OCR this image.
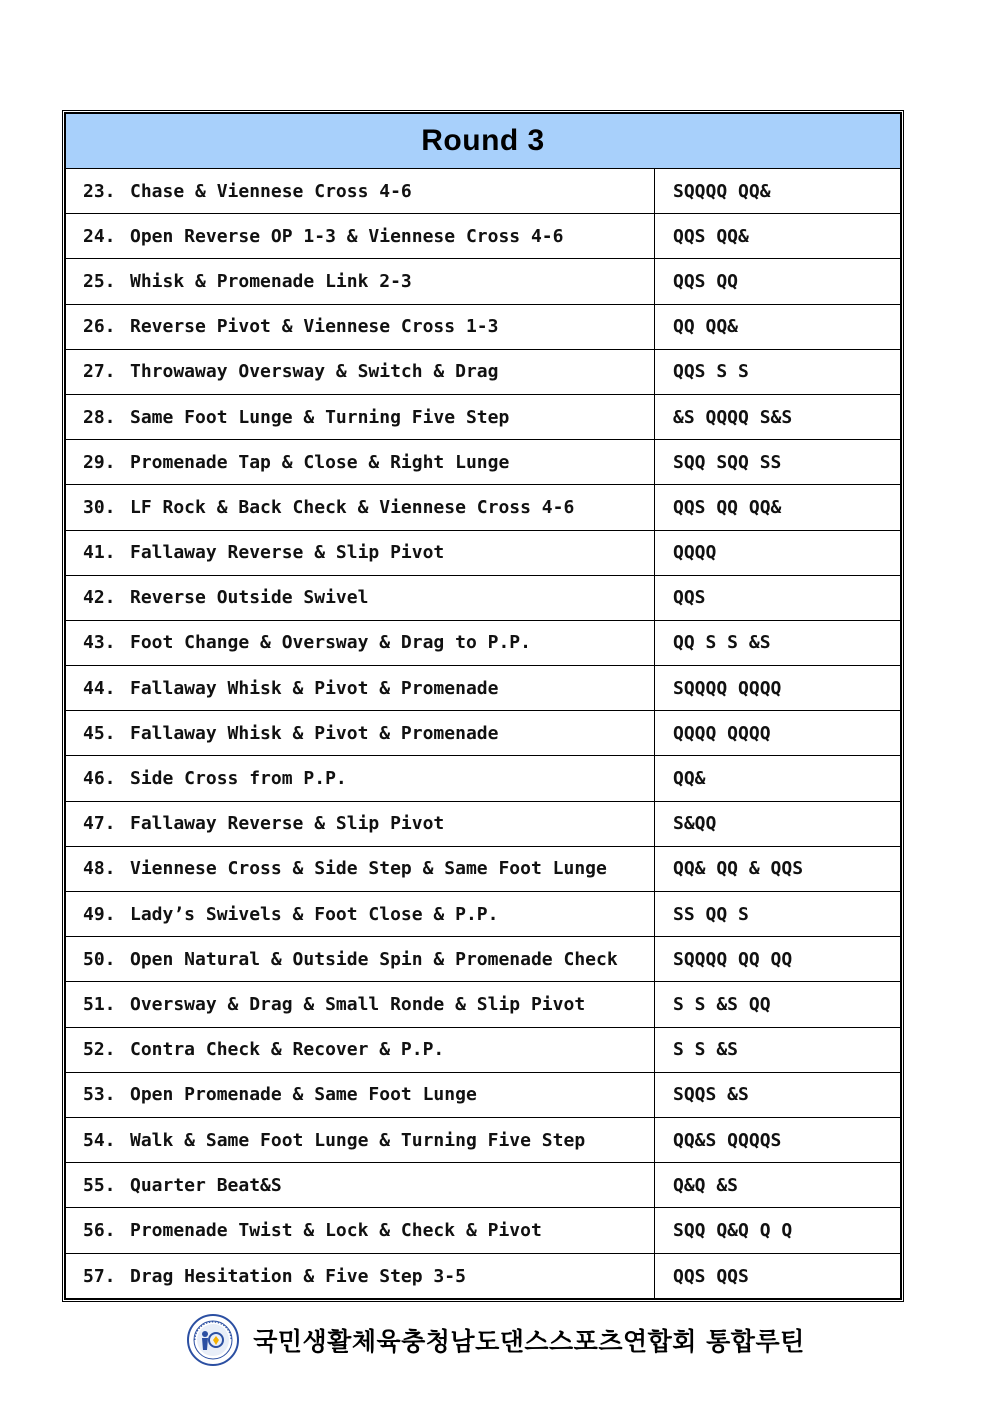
Round 3
23. Chase & Viennese Cross 4-6	SQQQQ QQ&
24. Open Reverse OP 1-3 & Viennese Cross 4-6	QQS QQ&
25. Whisk & Promenade Link 2-3	QQS QQ
26. Reverse Pivot & Viennese Cross 1-3	QQ QQ&
27. Throwaway Oversway & Switch & Drag	QQS S S
28. Same Foot Lunge & Turning Five Step	&S QQQQ S&S
29. Promenade Tap & Close & Right Lunge	SQQ SQQ SS
30. LF Rock & Back Check & Viennese Cross 4-6	QQS QQ QQ&
41. Fallaway Reverse & Slip Pivot	QQQQ
42. Reverse Outside Swivel	QQS
43. Foot Change & Oversway & Drag to P.P.	QQ S S &S
44. Fallaway Whisk & Pivot & Promenade	SQQQQ QQQQ
45. Fallaway Whisk & Pivot & Promenade	QQQQ QQQQ
46. Side Cross from P.P.	QQ&
47. Fallaway Reverse & Slip Pivot	S&QQ
48. Viennese Cross & Side Step & Same Foot Lunge	QQ& QQ & QQS
49. Lady’s Swivels & Foot Close & P.P.	SS QQ S
50. Open Natural & Outside Spin & Promenade Check	SQQQQ QQ QQ
51. Oversway & Drag & Small Ronde & Slip Pivot	S S &S QQ
52. Contra Check & Recover & P.P.	S S &S
53. Open Promenade & Same Foot Lunge	SQQS &S
54. Walk & Same Foot Lunge & Turning Five Step	QQ&S QQQQS
55. Quarter Beat&S	Q&Q &S
56. Promenade Twist & Lock & Check & Pivot	SQQ Q&Q Q Q
57. Drag Hesitation & Five Step 3-5	QQS QQS
국민생활체육충청남도댄스스포츠연합회 통합루틴
